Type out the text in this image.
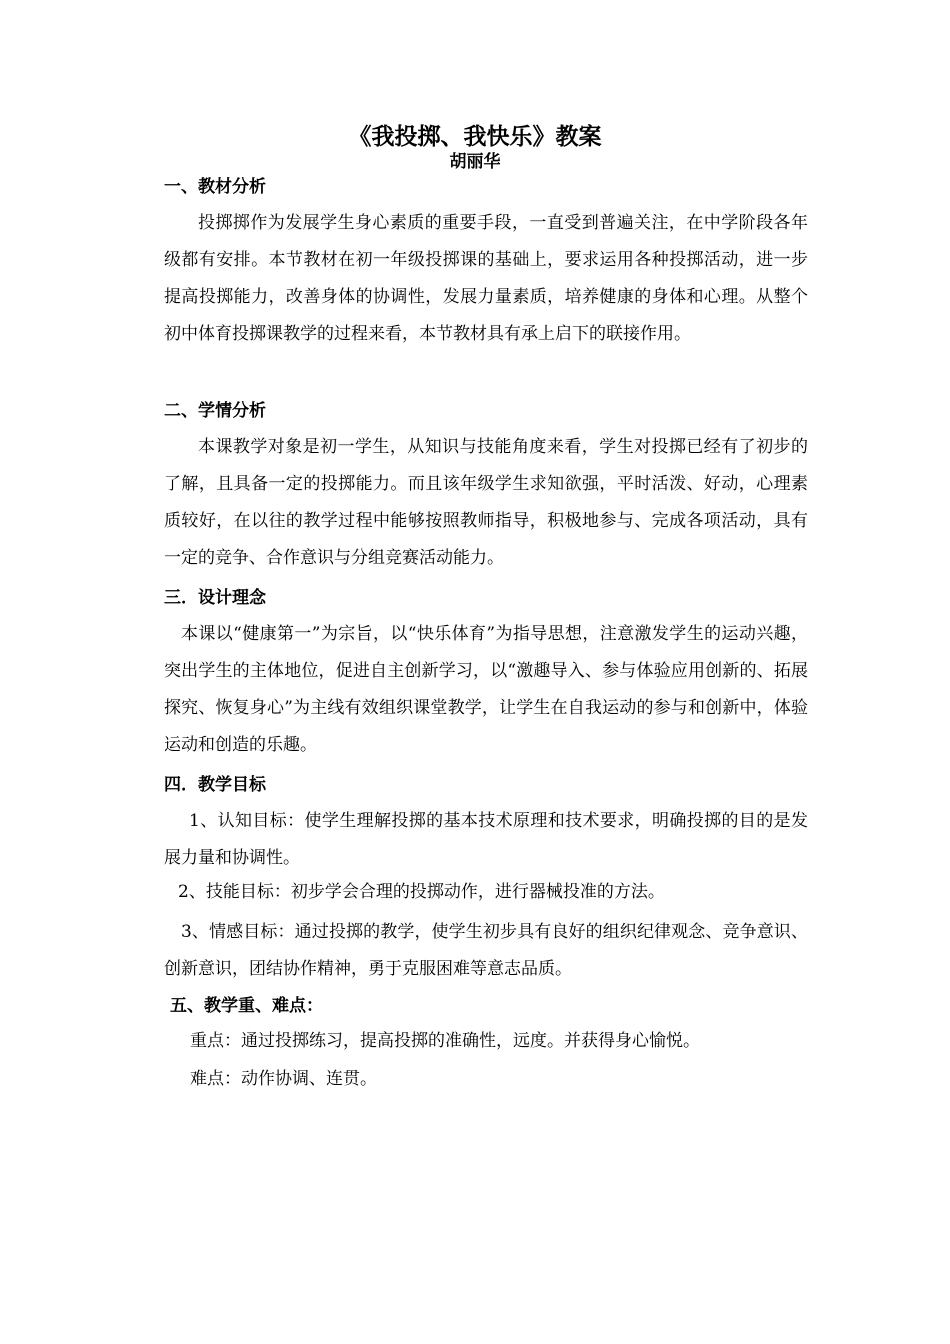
《我投掷、我快乐》教案
胡丽华
一、教材分析

投掷掷作为发展学生身心素质的重要手段，一直受到普遍关注，在中学阶段各年级都有安排。本节教材在初一年级投掷课的基础上，要求运用各种投掷活动，进一步提高投掷能力，改善身体的协调性，发展力量素质，培养健康的身体和心理。从整个初中体育投掷课教学的过程来看，本节教材具有承上启下的联接作用。

二、学情分析

本课教学对象是初一学生，从知识与技能角度来看，学生对投掷已经有了初步的了解，且具备一定的投掷能力。而且该年级学生求知欲强，平时活泼、好动，心理素质较好，在以往的教学过程中能够按照教师指导，积极地参与、完成各项活动，具有一定的竞争、合作意识与分组竞赛活动能力。

三．设计理念

本课以“健康第一”为宗旨，以“快乐体育”为指导思想，注意激发学生的运动兴趣，突出学生的主体地位，促进自主创新学习，以“激趣导入、参与体验应用创新的、拓展探究、恢复身心”为主线有效组织课堂教学，让学生在自我运动的参与和创新中，体验运动和创造的乐趣。

四．教学目标

1、认知目标：使学生理解投掷的基本技术原理和技术要求，明确投掷的目的是发展力量和协调性。

2、技能目标：初步学会合理的投掷动作，进行器械投准的方法。

3、情感目标：通过投掷的教学，使学生初步具有良好的组织纪律观念、竞争意识、创新意识，团结协作精神，勇于克服困难等意志品质。

五、教学重、难点：
重点：通过投掷练习，提高投掷的准确性，远度。并获得身心愉悦。
难点：动作协调、连贯。
